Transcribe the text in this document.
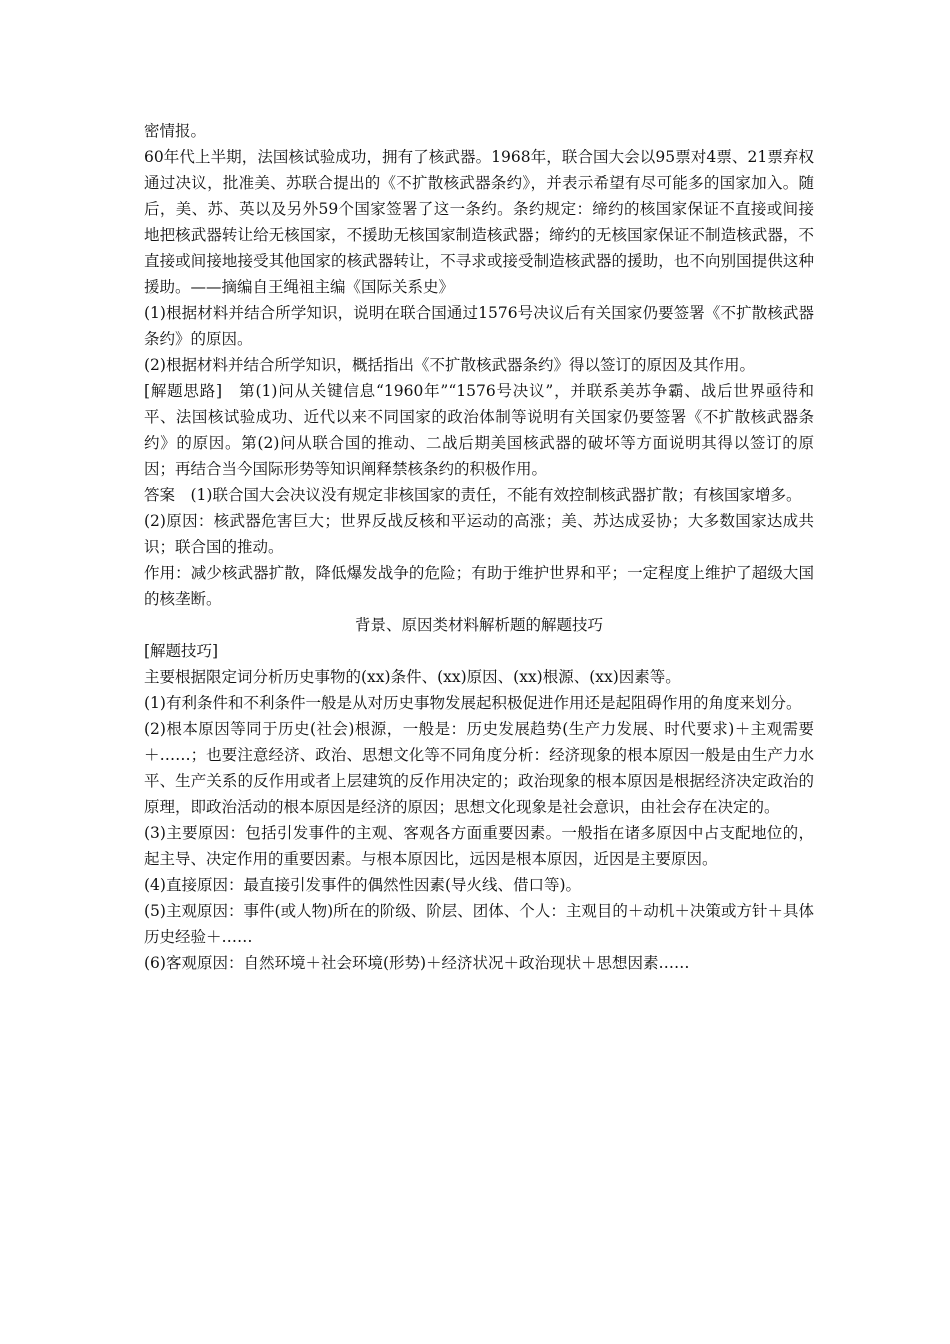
密情报。

60年代上半期，法国核试验成功，拥有了核武器。1968年，联合国大会以95票对4票、21票弃权通过决议，批准美、苏联合提出的《不扩散核武器条约》，并表示希望有尽可能多的国家加入。随后，美、苏、英以及另外59个国家签署了这一条约。条约规定：缔约的核国家保证不直接或间接地把核武器转让给无核国家，不援助无核国家制造核武器；缔约的无核国家保证不制造核武器，不直接或间接地接受其他国家的核武器转让，不寻求或接受制造核武器的援助，也不向别国提供这种援助。——摘编自王绳祖主编《国际关系史》

(1)根据材料并结合所学知识，说明在联合国通过1576号决议后有关国家仍要签署《不扩散核武器条约》的原因。

(2)根据材料并结合所学知识，概括指出《不扩散核武器条约》得以签订的原因及其作用。

[解题思路]　第(1)问从关键信息“1960年”“1576号决议”，并联系美苏争霸、战后世界亟待和平、法国核试验成功、近代以来不同国家的政治体制等说明有关国家仍要签署《不扩散核武器条约》的原因。第(2)问从联合国的推动、二战后期美国核武器的破坏等方面说明其得以签订的原因；再结合当今国际形势等知识阐释禁核条约的积极作用。

答案　(1)联合国大会决议没有规定非核国家的责任，不能有效控制核武器扩散；有核国家增多。

(2)原因：核武器危害巨大；世界反战反核和平运动的高涨；美、苏达成妥协；大多数国家达成共识；联合国的推动。

作用：减少核武器扩散，降低爆发战争的危险；有助于维护世界和平；一定程度上维护了超级大国的核垄断。

背景、原因类材料解析题的解题技巧

[解题技巧]

主要根据限定词分析历史事物的(xx)条件、(xx)原因、(xx)根源、(xx)因素等。

(1)有利条件和不利条件一般是从对历史事物发展起积极促进作用还是起阻碍作用的角度来划分。

(2)根本原因等同于历史(社会)根源，一般是：历史发展趋势(生产力发展、时代要求)＋主观需要＋……；也要注意经济、政治、思想文化等不同角度分析：经济现象的根本原因一般是由生产力水平、生产关系的反作用或者上层建筑的反作用决定的；政治现象的根本原因是根据经济决定政治的原理，即政治活动的根本原因是经济的原因；思想文化现象是社会意识，由社会存在决定的。

(3)主要原因：包括引发事件的主观、客观各方面重要因素。一般指在诸多原因中占支配地位的，起主导、决定作用的重要因素。与根本原因比，远因是根本原因，近因是主要原因。

(4)直接原因：最直接引发事件的偶然性因素(导火线、借口等)。

(5)主观原因：事件(或人物)所在的阶级、阶层、团体、个人：主观目的＋动机＋决策或方针＋具体历史经验＋……

(6)客观原因：自然环境＋社会环境(形势)＋经济状况＋政治现状＋思想因素……
